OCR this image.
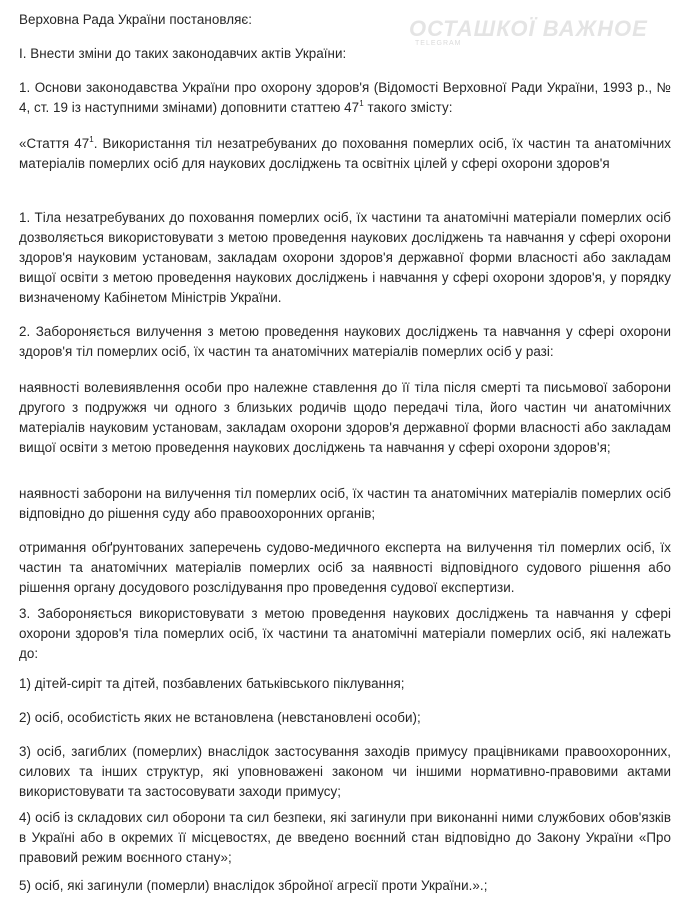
ОСТАШКОЇ ВАЖНОЕ
TELEGRAM

Верховна Рада України постановляє:

I. Внести зміни до таких законодавчих актів України:

1. Основи законодавства України про охорону здоров'я (Відомості Верховної Ради України, 1993 р., № 4, ст. 19 із наступними змінами) доповнити статтею $47^1$ такого змісту:

«Стаття $47^1$. Використання тіл незатребуваних до поховання померлих осіб, їх частин та анатомічних матеріалів померлих осіб для наукових досліджень та освітніх цілей у сфері охорони здоров'я

1. Тіла незатребуваних до поховання померлих осіб, їх частини та анатомічні матеріали померлих осіб дозволяється використовувати з метою проведення наукових досліджень та навчання у сфері охорони здоров'я науковим установам, закладам охорони здоров'я державної форми власності або закладам вищої освіти з метою проведення наукових досліджень і навчання у сфері охорони здоров'я, у порядку визначеному Кабінетом Міністрів України.

2. Забороняється вилучення з метою проведення наукових досліджень та навчання у сфері охорони здоров'я тіл померлих осіб, їх частин та анатомічних матеріалів померлих осіб у разі:

наявності волевиявлення особи про належне ставлення до її тіла після смерті та письмової заборони другого з подружжя чи одного з близьких родичів щодо передачі тіла, його частин чи анатомічних матеріалів науковим установам, закладам охорони здоров'я державної форми власності або закладам вищої освіти з метою проведення наукових досліджень та навчання у сфері охорони здоров'я;

наявності заборони на вилучення тіл померлих осіб, їх частин та анатомічних матеріалів померлих осіб відповідно до рішення суду або правоохоронних органів;

отримання обґрунтованих заперечень судово-медичного експерта на вилучення тіл померлих осіб, їх частин та анатомічних матеріалів померлих осіб за наявності відповідного судового рішення або рішення органу досудового розслідування про проведення судової експертизи.

3. Забороняється використовувати з метою проведення наукових досліджень та навчання у сфері охорони здоров'я тіла померлих осіб, їх частини та анатомічні матеріали померлих осіб, які належать до:

1) дітей-сиріт та дітей, позбавлених батьківського піклування;

2) осіб, особистість яких не встановлена (невстановлені особи);

3) осіб, загиблих (померлих) внаслідок застосування заходів примусу працівниками правоохоронних, силових та інших структур, які уповноважені законом чи іншими нормативно-правовими актами використовувати та застосовувати заходи примусу;

4) осіб із складових сил оборони та сил безпеки, які загинули при виконанні ними службових обов'язків в Україні або в окремих її місцевостях, де введено воєнний стан відповідно до Закону України «Про правовий режим воєнного стану»;

5) осіб, які загинули (померли) внаслідок збройної агресії проти України.».;
